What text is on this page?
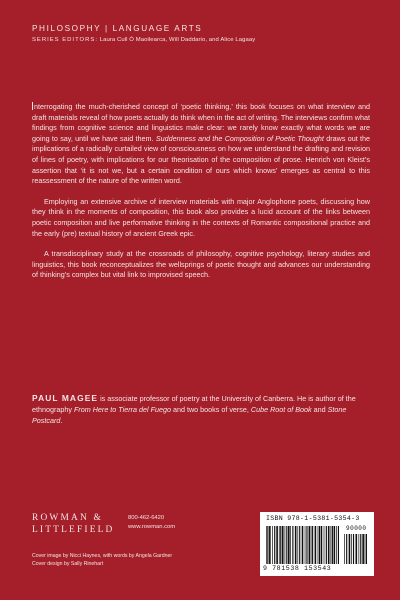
PHILOSOPHY | LANGUAGE ARTS

SERIES EDITORS: Laura Cull Ó Maoilearca, Will Daddario, and Alice Lagaay

nterrogating the much-cherished concept of ‘poetic thinking,’ this book focuses on what interview and draft materials reveal of how poets actually do think when in the act of writing. The interviews confirm what findings from cognitive science and linguistics make clear: we rarely know exactly what words we are going to say, until we have said them. Suddenness and the Composition of Poetic Thought draws out the implications of a radically curtailed view of consciousness on how we understand the drafting and revision of lines of poetry, with implications for our theorisation of the composition of prose. Henrich von Kleist’s assertion that ‘it is not we, but a certain condition of ours which knows’ emerges as central to this reassessment of the nature of the written word.

Employing an extensive archive of interview materials with major Anglophone poets, discussing how they think in the moments of composition, this book also provides a lucid account of the links between poetic composition and live performative thinking in the contexts of Romantic compositional practice and the early (pre) textual history of ancient Greek epic.

A transdisciplinary study at the crossroads of philosophy, cognitive psychology, literary studies and linguistics, this book reconceptualizes the wellsprings of poetic thought and advances our understanding of thinking’s complex but vital link to improvised speech.

PAUL MAGEE is associate professor of poetry at the University of Canberra. He is author of the ethnography From Here to Tierra del Fuego and two books of verse, Cube Root of Book and Stone Postcard.
ROWMAN &
LITTLEFIELD
800-462-6420
www.rowman.com
Cover image by Nicci Haynes, with words by Angela Gardner
Cover design by Sally Rinehart
ISBN 978-1-5381-5354-3
90000
9 781538 153543
